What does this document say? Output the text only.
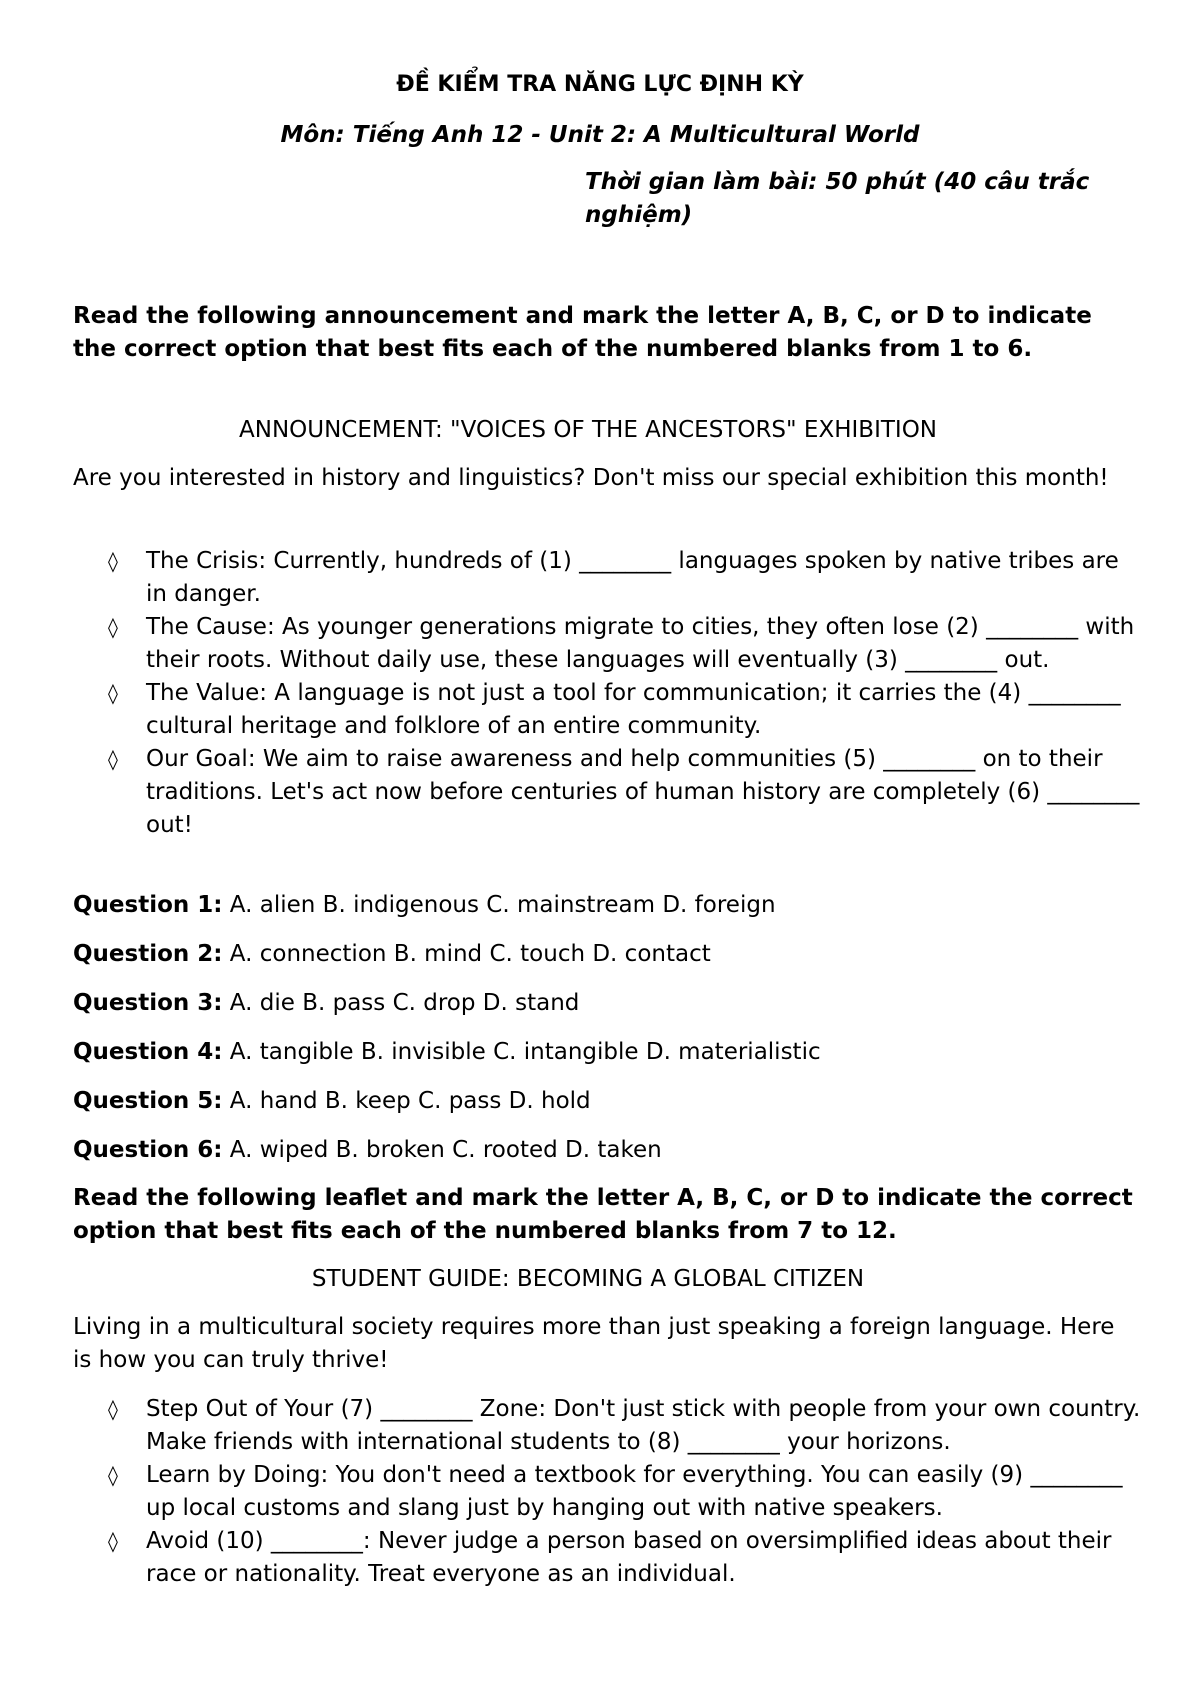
ĐỀ KIỂM TRA NĂNG LỰC ĐỊNH KỲ
Môn: Tiếng Anh 12 - Unit 2: A Multicultural World
Thời gian làm bài: 50 phút (40 câu trắc nghiệm)

Read the following announcement and mark the letter A, B, C, or D to indicate the correct option that best fits each of the numbered blanks from 1 to 6.

ANNOUNCEMENT: "VOICES OF THE ANCESTORS" EXHIBITION

Are you interested in history and linguistics? Don't miss our special exhibition this month!

◊ The Crisis: Currently, hundreds of (1) ________ languages spoken by native tribes are in danger.
◊ The Cause: As younger generations migrate to cities, they often lose (2) ________ with their roots. Without daily use, these languages will eventually (3) ________ out.
◊ The Value: A language is not just a tool for communication; it carries the (4) ________ cultural heritage and folklore of an entire community.
◊ Our Goal: We aim to raise awareness and help communities (5) ________ on to their traditions. Let's act now before centuries of human history are completely (6) ________ out!

Question 1: A. alien B. indigenous C. mainstream D. foreign

Question 2: A. connection B. mind C. touch D. contact

Question 3: A. die B. pass C. drop D. stand

Question 4: A. tangible B. invisible C. intangible D. materialistic

Question 5: A. hand B. keep C. pass D. hold

Question 6: A. wiped B. broken C. rooted D. taken

Read the following leaflet and mark the letter A, B, C, or D to indicate the correct option that best fits each of the numbered blanks from 7 to 12.

STUDENT GUIDE: BECOMING A GLOBAL CITIZEN

Living in a multicultural society requires more than just speaking a foreign language. Here is how you can truly thrive!

◊ Step Out of Your (7) ________ Zone: Don't just stick with people from your own country. Make friends with international students to (8) ________ your horizons.
◊ Learn by Doing: You don't need a textbook for everything. You can easily (9) ________ up local customs and slang just by hanging out with native speakers.
◊ Avoid (10) ________: Never judge a person based on oversimplified ideas about their race or nationality. Treat everyone as an individual.
